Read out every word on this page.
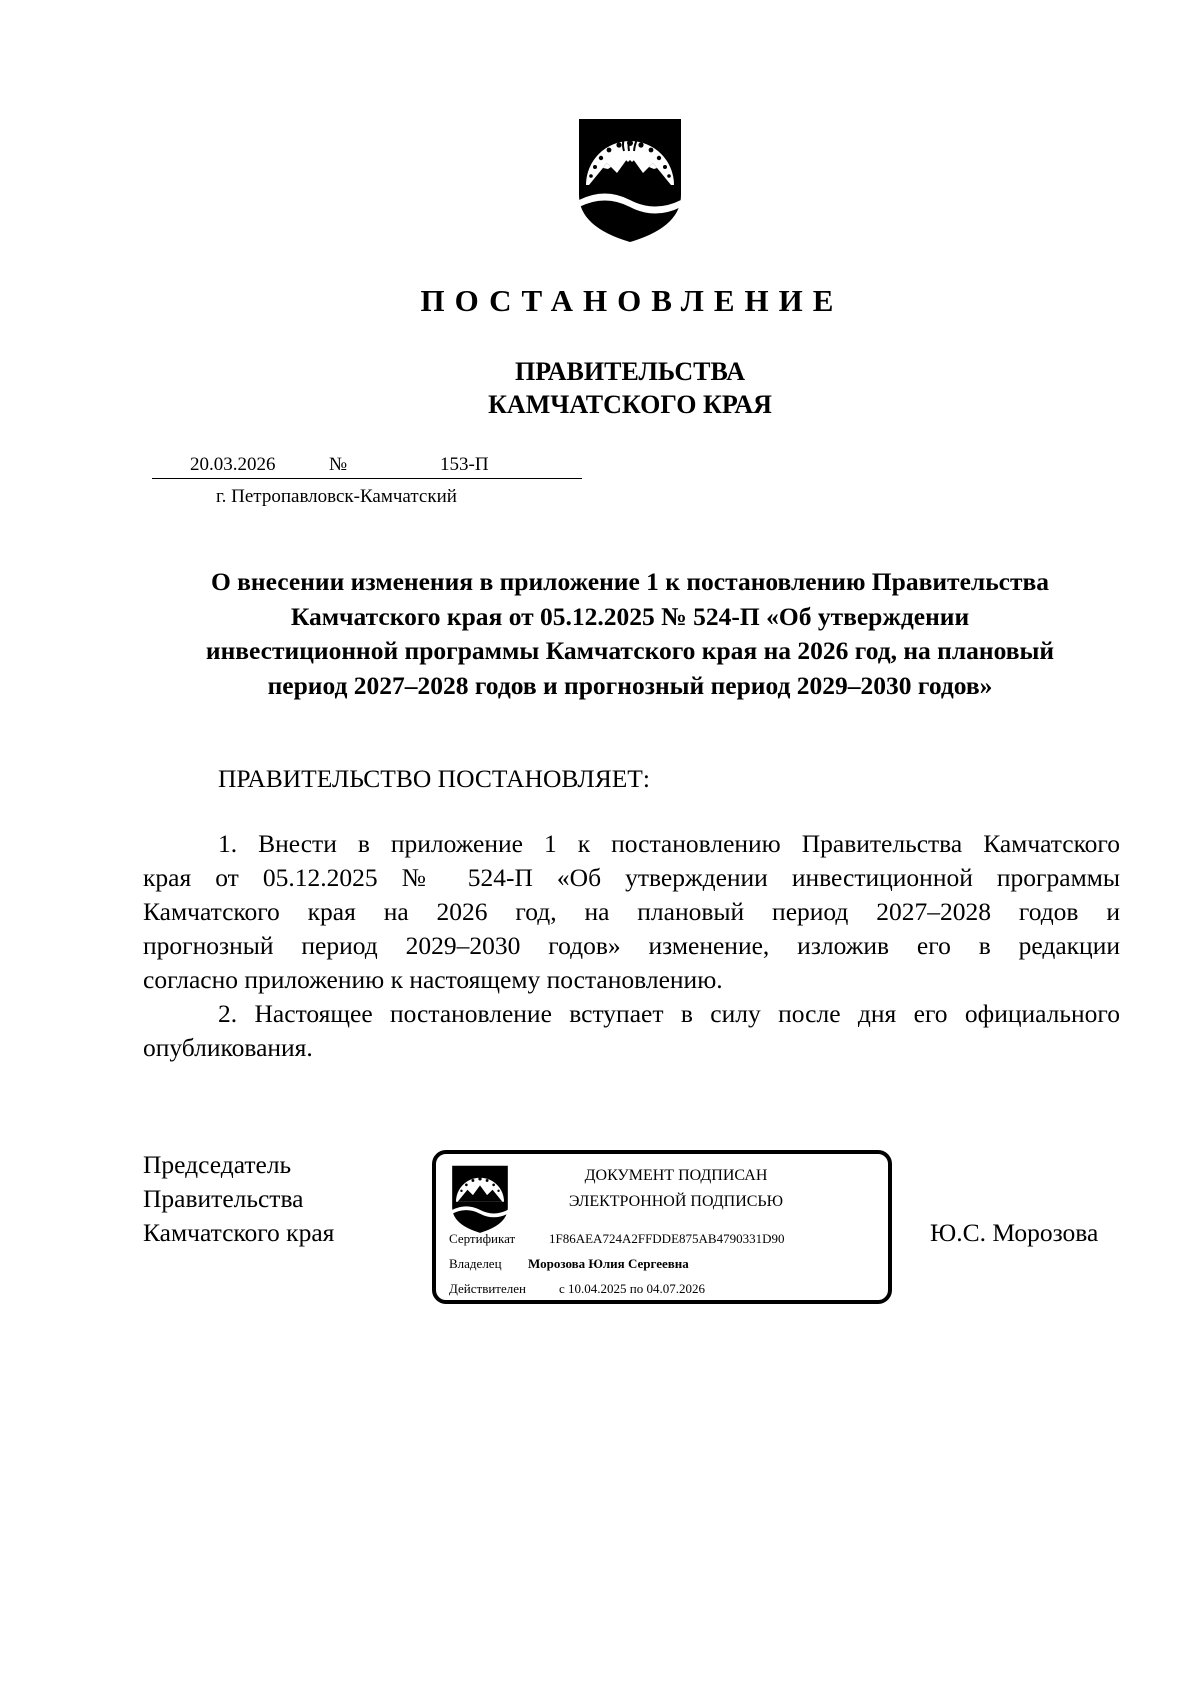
ПОСТАНОВЛЕНИЕ
ПРАВИТЕЛЬСТВА
КАМЧАТСКОГО КРАЯ
20.03.2026	№	153-П
г. Петропавловск-Камчатский
О внесении изменения в приложение 1 к постановлению Правительства
Камчатского края от 05.12.2025 № 524-П «Об утверждении
инвестиционной программы Камчатского края на 2026 год, на плановый
период 2027–2028 годов и прогнозный период 2029–2030 годов»
ПРАВИТЕЛЬСТВО ПОСТАНОВЛЯЕТ:
1. Внести в приложение 1 к постановлению Правительства Камчатского
края от 05.12.2025 № 524-П «Об утверждении инвестиционной программы
Камчатского края на 2026 год, на плановый период 2027–2028 годов и
прогнозный период 2029–2030 годов» изменение, изложив его в редакции
согласно приложению к настоящему постановлению.
2. Настоящее постановление вступает в силу после дня его официального
опубликования.
Председатель
Правительства
Камчатского края
ДОКУМЕНТ ПОДПИСАН
ЭЛЕКТРОННОЙ ПОДПИСЬЮ
Сертификат	1F86AEA724A2FFDDE875AB4790331D90
Владелец Морозова Юлия Сергеевна
Действителен	с 10.04.2025 по 04.07.2026
Ю.С. Морозова
